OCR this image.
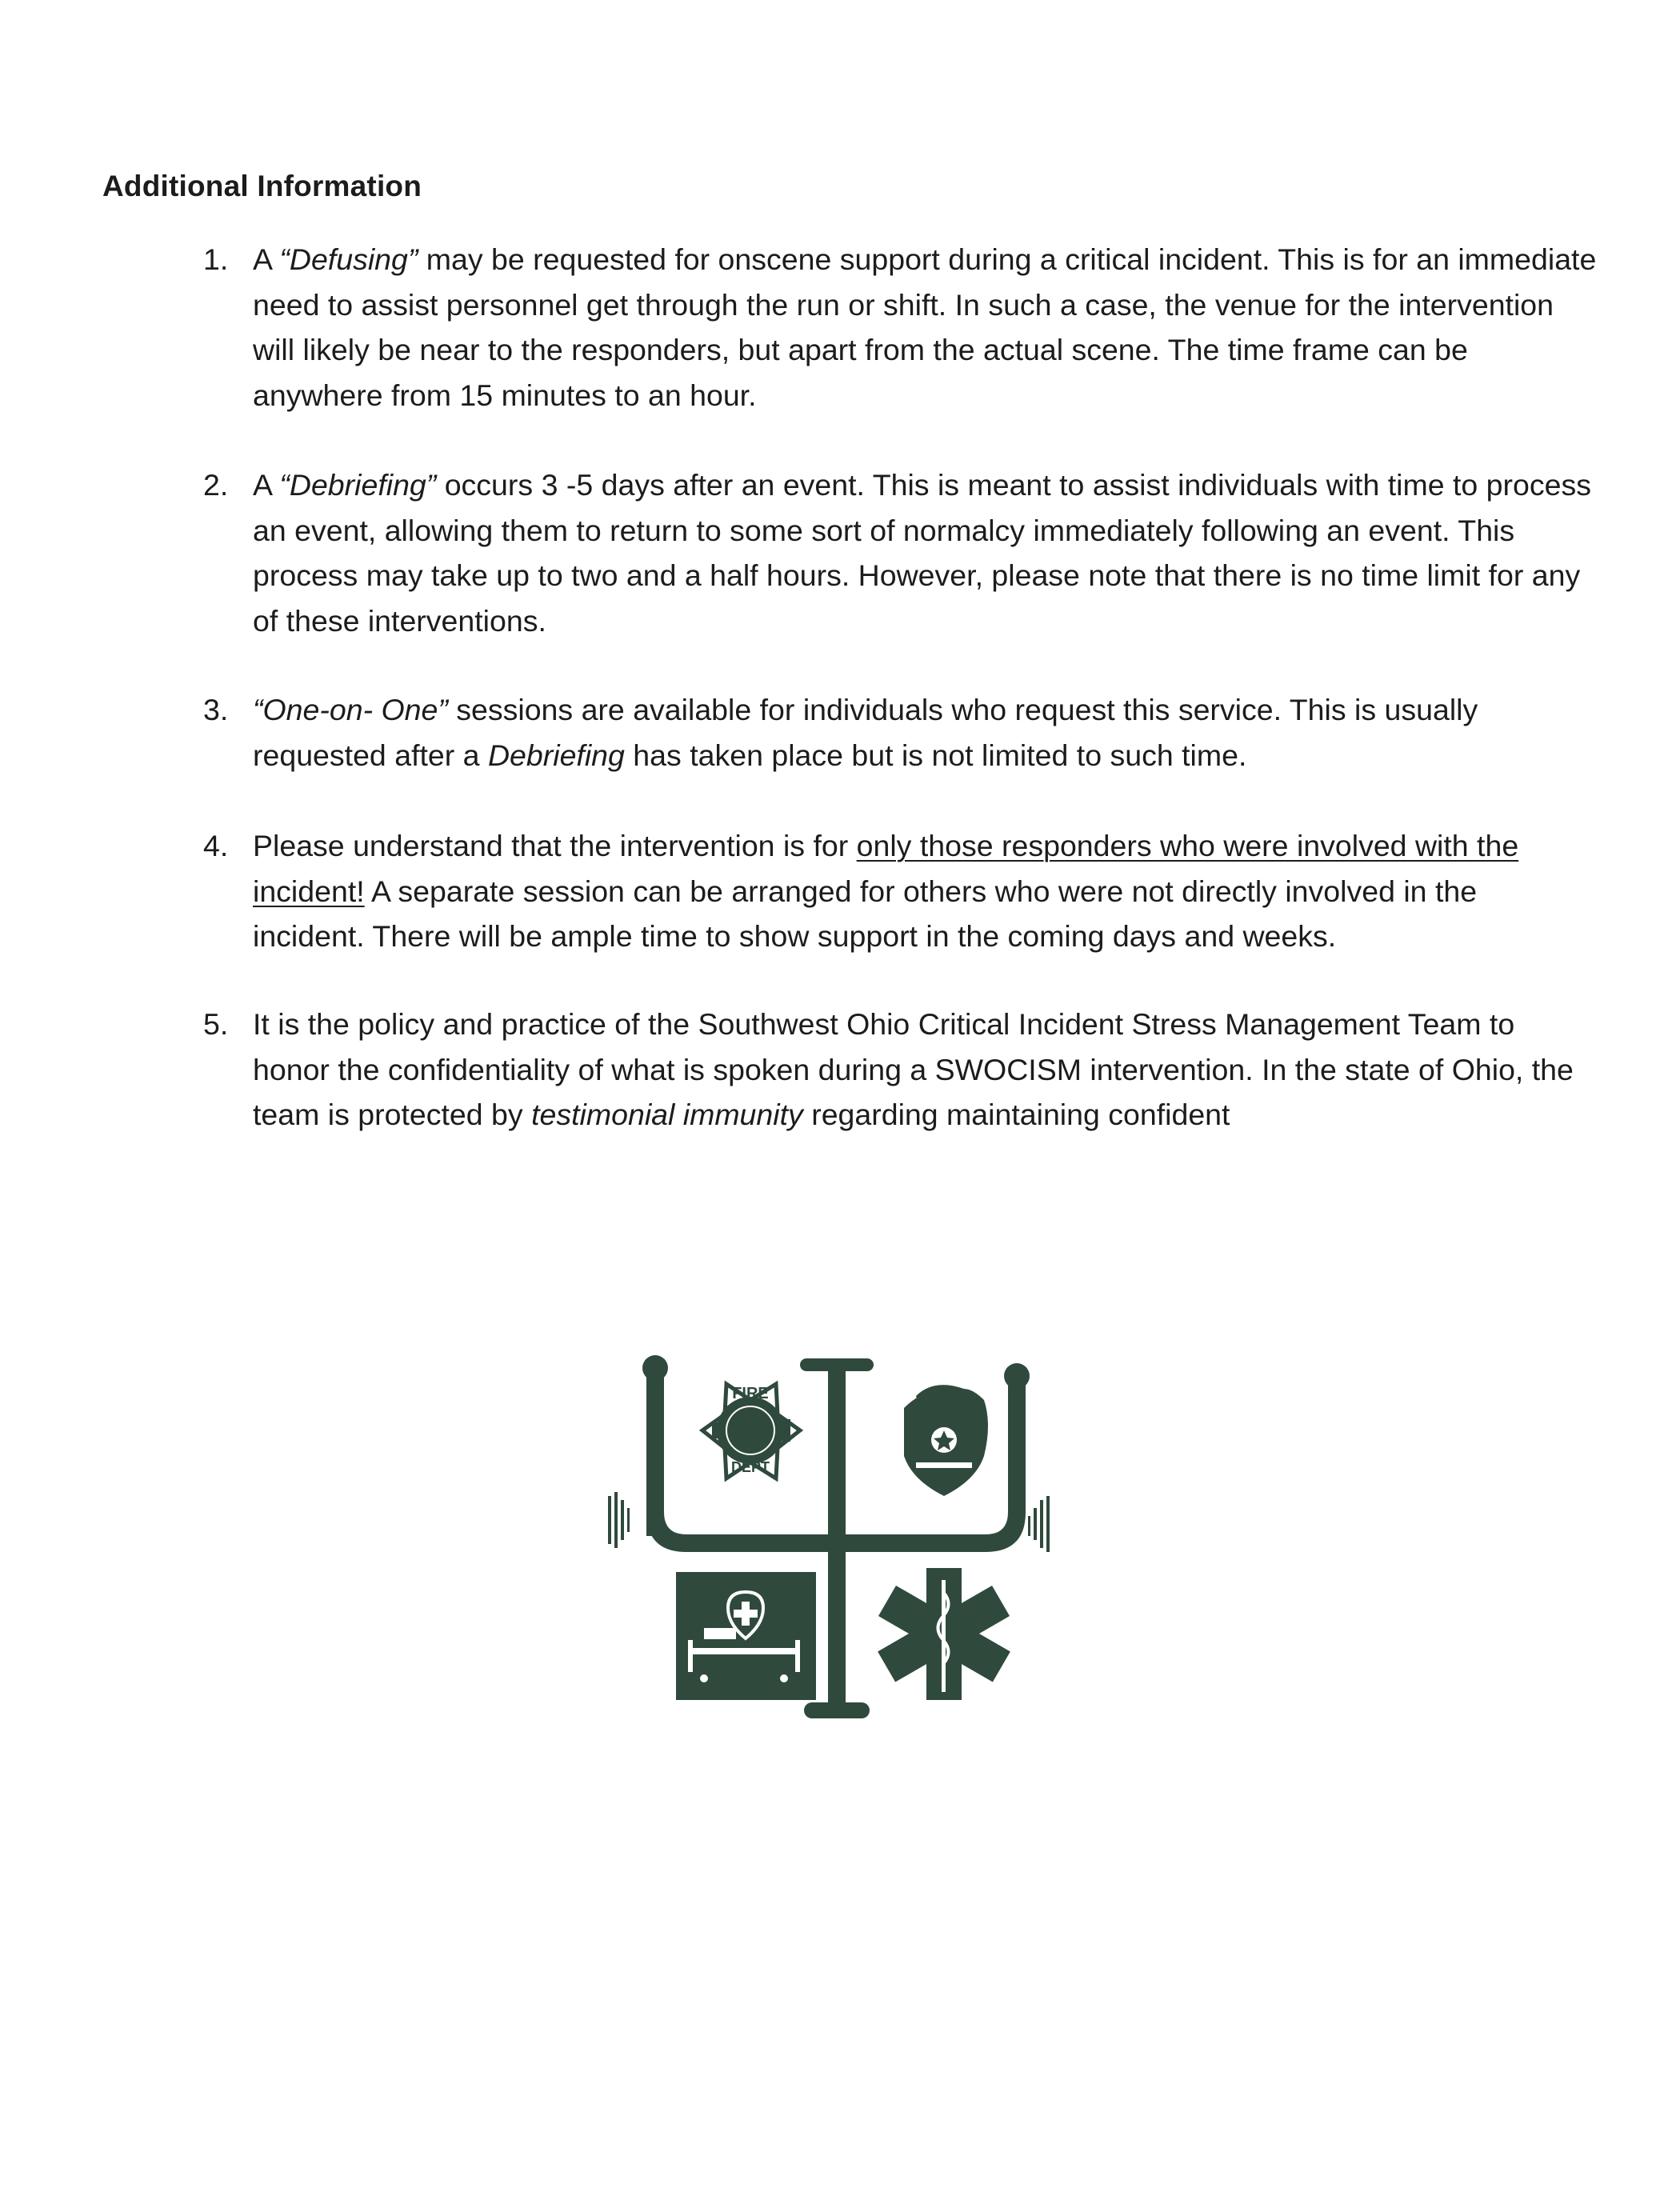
Additional Information
1. A “Defusing” may be requested for onscene support during a critical incident. This is for an immediate need to assist personnel get through the run or shift. In such a case, the venue for the intervention will likely be near to the responders, but apart from the actual scene. The time frame can be anywhere from 15 minutes to an hour.
2. A “Debriefing” occurs 3 -5 days after an event. This is meant to assist individuals with time to process an event, allowing them to return to some sort of normalcy immediately following an event. This process may take up to two and a half hours. However, please note that there is no time limit for any of these interventions.
3. “One-on- One” sessions are available for individuals who request this service. This is usually requested after a Debriefing has taken place but is not limited to such time.
4. Please understand that the intervention is for only those responders who were involved with the incident! A separate session can be arranged for others who were not directly involved in the incident. There will be ample time to show support in the coming days and weeks.
5. It is the policy and practice of the Southwest Ohio Critical Incident Stress Management Team to honor the confidentiality of what is spoken during a SWOCISM intervention. In the state of Ohio, the team is protected by testimonial immunity regarding maintaining confident
FIRE
DEPT
